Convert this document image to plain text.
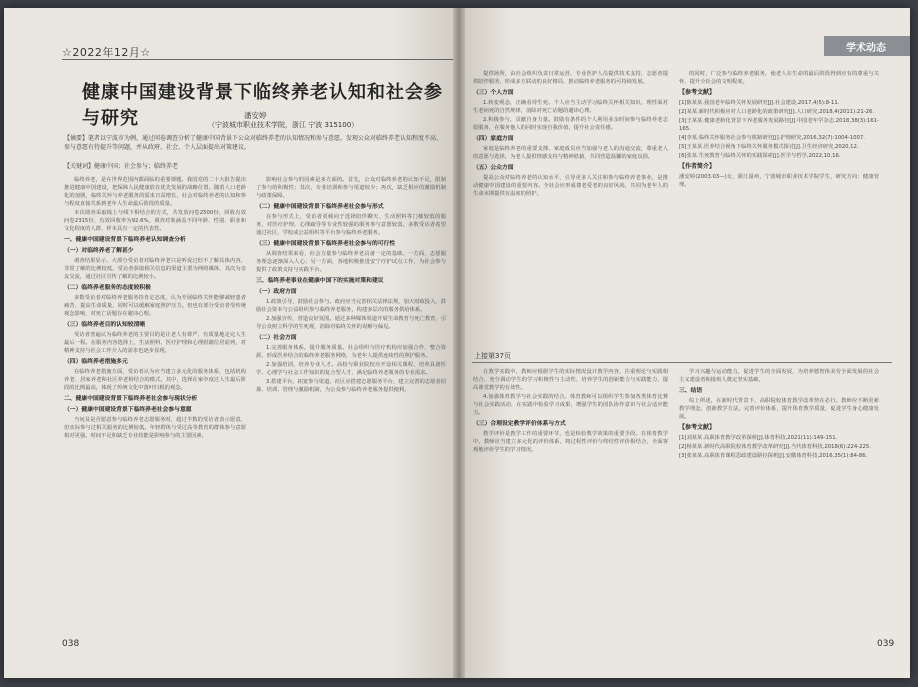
☆2022年12月☆
健康中国建设背景下临终养老认知和社会参与研究	潘安婷
（宁波城市职业技术学院，浙江 宁波 315100）
【摘要】笔者以宁波市为例，通过问卷调查分析了健康中国背景下公众对临终养老的认知情况和参与意愿，发现公众对临终养老认知程度不高、参与意愿有待提升等问题，并从政府、社会、个人层面提出对策建议。
【关键词】健康中国；社会参与；临终养老

临终养老，是在世界范围内都面临的重要课题。我国党的二十大报告提出推进健康中国建设，把保障人民健康放在优先发展的战略位置。随着人口老龄化的加剧，临终关怀与养老服务的需求日益增长，社会对临终养老的认知和参与程度直接关系到老年人生命最后阶段的质量。

本次调查采取线上与线下相结合的方式，共发放问卷2500份，回收有效问卷2315份，有效回收率为92.6%。调查对象涵盖不同年龄、性别、职业和文化程度的人群，样本具有一定的代表性。

一、健康中国建设背景下临终养老认知调查分析

（一）对临终养老了解甚少

调查结果显示，大部分受访者对临终养老只是听说过但不了解具体内容，非常了解的比例较低。受访者获取相关信息的渠道主要为网络媒体，其次为亲友交流，通过社区宣传了解的比例较小。

（二）临终养老服务的态度较积极

多数受访者对临终养老服务持肯定态度，认为开展临终关怀能够减轻患者痛苦、提高生命质量，同时可以缓解家庭照护压力。但也有部分受访者受传统观念影响，对死亡话题存在避讳心理。

（三）临终养老目的认知较清晰

受访者普遍认为临终养老的主要目的是让老人有尊严、有质量地走完人生最后一程。在服务内容选择上，生活照料、医疗护理和心理慰藉位居前列，对精神支持与社会工作介入的需求也逐步显现。

（四）临终养老措施多元

在临终养老措施方面，受访者认为应当建立多元化的服务体系，包括机构养老、居家养老和社区养老相结合的模式。其中，选择在家中度过人生最后阶段的比例最高，体现了传统文化中落叶归根的观念。

二、健康中国建设背景下临终养老社会参与现状分析

（一）健康中国建设背景下临终养老社会参与意愿

当问及是否愿意参与临终养老志愿服务时，超过半数的受访者表示愿意，但实际参与过相关服务的比例较低。年轻群体与受过高等教育的群体参与意愿相对更强，时间不足和缺乏专业技能是影响参与的主要因素。

影响社会参与的因素是多方面的。首先，公众对临终养老的认知不足，限制了参与的积极性；其次，专业培训和参与渠道较少；再次，缺乏相应的激励机制与政策保障。

（二）健康中国建设背景下临终养老社会参与形式

在参与形式上，受访者更倾向于选择陪伴聊天、生活照料等门槛较低的服务，对医疗护理、心理疏导等专业性较强的服务参与意愿较弱。多数受访者希望通过社区、学校或公益组织等平台参与临终养老服务。

（三）健康中国建设背景下临终养老社会参与的可行性

从调查结果来看，社会力量参与临终养老具备一定的基础。一方面，志愿服务理念逐渐深入人心；另一方面，各地积极推进安宁疗护试点工作，为社会参与提供了政策支持与实践平台。

三、临终养老事业在健康中国下的实施对策和建议

（一）政府方面

1.政策引导，鼓励社会参与。政府应当完善相关法律法规，加大财政投入，鼓励社会资本与公益组织参与临终养老服务，构建多层次的服务供给体系。

2.加强宣传，营造良好氛围。通过多种媒体渠道开展生命教育与死亡教育，引导公众树立科学的生死观，消除对临终关怀的误解与偏见。

（二）社会方面

1.完善服务体系，提升服务质量。社会组织与医疗机构应加强合作，整合资源，形成医养结合的临终养老服务网络，为老年人提供连续性的照护服务。

2.加强培训，培养专业人才。高校与职业院校应开设相关课程，培养具备医学、心理学与社会工作知识的复合型人才，满足临终养老服务的专业需求。

3.搭建平台，拓宽参与渠道。社区应搭建志愿服务平台，建立完善的志愿者招募、培训、管理与激励机制，为公众参与临终养老服务提供便利。

038
学术动态

提供场所，由社会组织负责日常运营，专业医护人员提供技术支持，志愿者提供陪伴服务，形成多方联动的良好格局，推动临终养老服务的可持续发展。

（三）个人方面

1.转变观念，正确看待生死。个人应当主动学习临终关怀相关知识，理性面对生老病死的自然规律，消除对死亡话题的避讳心理。

2.积极参与，贡献自身力量。鼓励有条件的个人利用业余时间参与临终养老志愿服务，在服务他人的同时实现自我价值，提升社会责任感。

（四）家庭方面

家庭是临终养老的重要支撑。家庭成员应当加强与老人的沟通交流，尊重老人的意愿与选择，为老人提供情感支持与精神慰藉，共同营造温馨的家庭氛围。

（五）公众方面

提高公众对临终养老的认知水平，引导更多人关注和参与临终养老事业，是推动健康中国建设的重要内容。全社会应形成尊老爱老的良好风尚，共同为老年人的生命末期提供有温度的照护。

的同时，广泛参与临终养老服务，使老人在生命的最后阶段得到应有的尊重与关怀，提升全社会的文明程度。

【参考文献】

[1]陈某某.我国老年临终关怀发展研究[J].社会建设,2017,4(5):8-11.

[2]某某.新时代积极应对人口老龄化的政策研究[J].人口研究,2018,4(2011):21-26.

[3]王某某.健康老龄化背景下养老服务发展路径[J].中国老年学杂志,2018,38(3):161-165.

[4]李某.临终关怀服务社会参与机制研究[J].护理研究,2016,32(7):1004-1007.

[5]王某某.医养结合视角下临终关怀服务模式探讨[J].卫生经济研究,2020,12.

[6]张某.生死教育与临终关怀的实践探索[J].医学与哲学,2022,10,16.

【作者简介】

潘安婷(2003.03—)女，浙江温州，宁波城市职业技术学院学生，研究方向：健康管理。

在教学实践中，教师应根据学生的实际情况设计教学内容，注重理论与实践相结合，充分调动学生的学习积极性与主动性，培养学生的创新能力与实践能力，提高课堂教学的有效性。

4.加强体育教学与社会实践的结合。体育教师可以组织学生参加各类体育比赛与社会实践活动，在实践中检验学习成果，增强学生的团队协作意识与社会适应能力。

（三）合理设定教学评价体系与方式

教学评价是教学工作的重要环节，也是检验教学效果的重要手段。在体育教学中，教师应当建立多元化的评价体系，将过程性评价与终结性评价相结合，全面客观地评价学生的学习情况。

学习兴趣与运动能力，促进学生的全面发展，为培养德智体美劳全面发展的社会主义建设者和接班人奠定坚实基础。

三、结语

综上所述，在新时代背景下，高职院校体育教学改革势在必行。教师应不断更新教学理念，创新教学方法，完善评价体系，提升体育教学质量，促进学生身心健康发展。

【参考文献】

[1]刘某某.高职体育教学改革探析[J].体育科技,2021(11):149-151.

[2]杨某某.新时代高职院校体育教学改革研究[J].当代体育科技,2018(6):224-225.

[3]张某某.高职体育课程思政建设路径探析[J].安徽体育科技,2016,35(1):84-86.

039
上接第37页
